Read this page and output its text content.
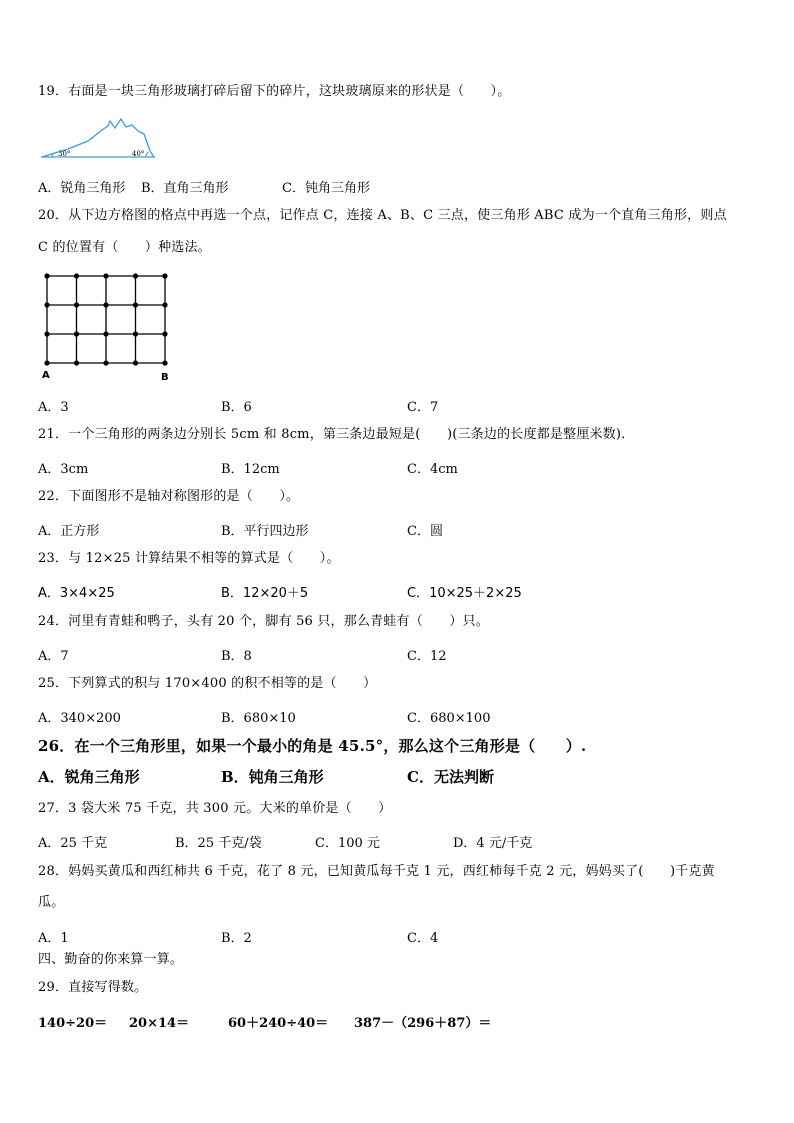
19．右面是一块三角形玻璃打碎后留下的碎片，这块玻璃原来的形状是（　　）。
30°	40°
A．锐角三角形 B．直角三角形	C．钝角三角形
20．从下边方格图的格点中再选一个点，记作点 C，连接 A、B、C 三点，使三角形 ABC 成为一个直角三角形，则点
C 的位置有（　　）种选法。
A	B
A．3	B．6	C．7
21．一个三角形的两条边分别长 5cm 和 8cm，第三条边最短是(　　)(三条边的长度都是整厘米数)．
A．3cm	B．12cm	C．4cm
22．下面图形不是轴对称图形的是（　　）。
A．正方形	B．平行四边形	C．圆
23．与 12×25 计算结果不相等的算式是（　　）。
A．3×4×25	B．12×20＋5	C．10×25＋2×25
24．河里有青蛙和鸭子，头有 20 个，脚有 56 只，那么青蛙有（　　）只。
A．7	B．8	C．12
25．下列算式的积与 170×400 的积不相等的是（　　）
A．340×200	B．680×10	C．680×100
26．在一个三角形里，如果一个最小的角是 45.5°，那么这个三角形是（　　）.
A．锐角三角形	B．钝角三角形	C．无法判断
27．3 袋大米 75 千克，共 300 元。大米的单价是（　　）
A．25 千克	B．25 千克/袋	C．100 元	D．4 元/千克
28．妈妈买黄瓜和西红柿共 6 千克，花了 8 元，已知黄瓜每千克 1 元，西红柿每千克 2 元，妈妈买了(　　)千克黄
瓜。
A．1	B．2	C．4
四、勤奋的你来算一算。
29．直接写得数。
140÷20＝ 20×14＝	60＋240÷40＝ 387－（296＋87）＝
